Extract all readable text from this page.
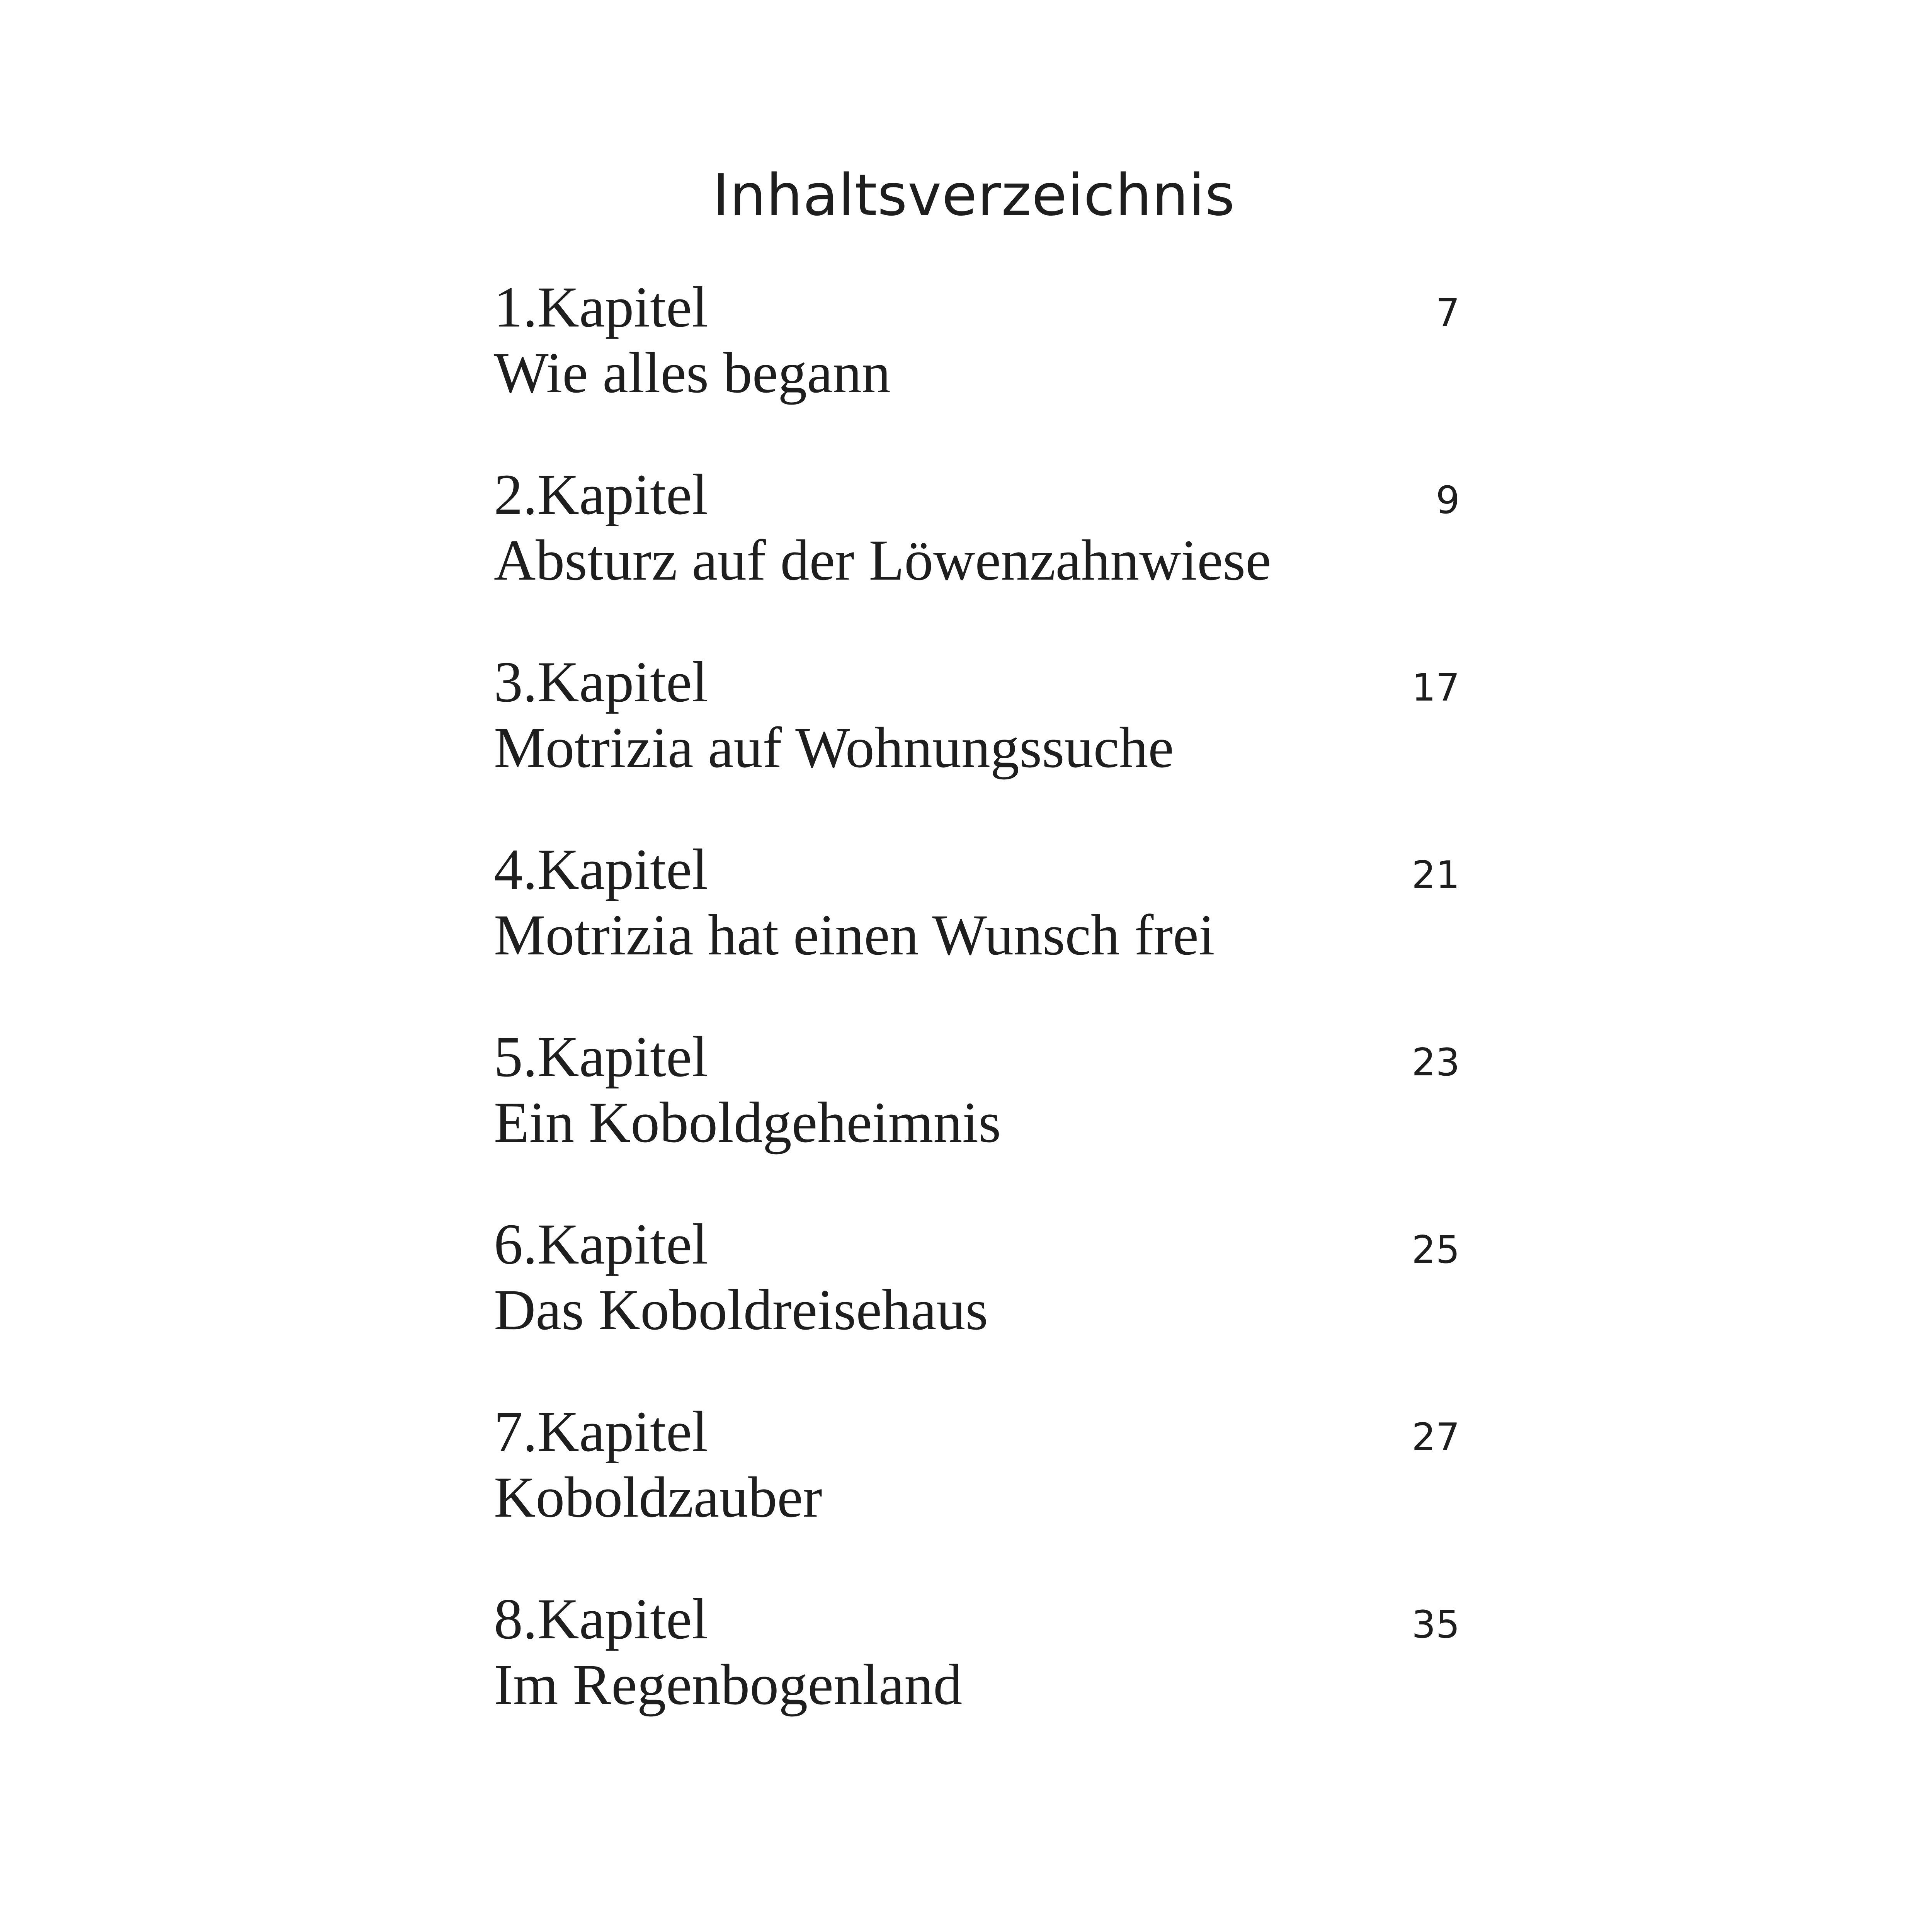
Inhaltsverzeichnis
1.Kapitel
Wie alles begann
7
2.Kapitel
Absturz auf der Löwenzahnwiese
9
3.Kapitel
Motrizia auf Wohnungssuche
17
4.Kapitel
Motrizia hat einen Wunsch frei
21
5.Kapitel
Ein Koboldgeheimnis
23
6.Kapitel
Das Koboldreisehaus
25
7.Kapitel
Koboldzauber
27
8.Kapitel
Im Regenbogenland
35
